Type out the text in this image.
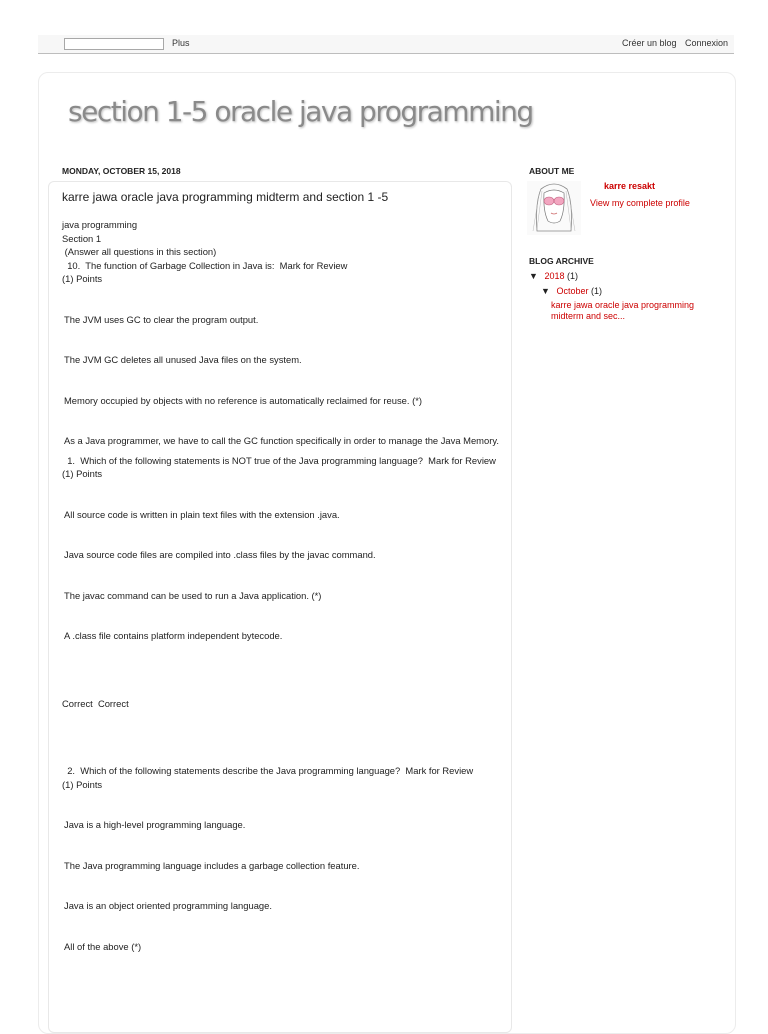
Plus	Créer un blog Connexion
section 1-5 oracle java programming
MONDAY, OCTOBER 15, 2018
karre jawa oracle java programming midterm and section 1 -5
java programming
Section 1
(Answer all questions in this section)
10.  The function of Garbage Collection in Java is:  Mark for Review
(1) Points
The JVM uses GC to clear the program output.
The JVM GC deletes all unused Java files on the system.
Memory occupied by objects with no reference is automatically reclaimed for reuse. (*)
As a Java programmer, we have to call the GC function specifically in order to manage the Java Memory.
1.  Which of the following statements is NOT true of the Java programming language?  Mark for Review
(1) Points
All source code is written in plain text files with the extension .java.
Java source code files are compiled into .class files by the javac command.
The javac command can be used to run a Java application. (*)
A .class file contains platform independent bytecode.
Correct  Correct
2.  Which of the following statements describe the Java programming language?  Mark for Review
(1) Points
Java is a high-level programming language.
The Java programming language includes a garbage collection feature.
Java is an object oriented programming language.
All of the above (*)
ABOUT ME
karre resakt
View my complete profile
BLOG ARCHIVE
▼ 2018 (1)
▼ October (1)
karre jawa oracle java programming midterm and sec...
